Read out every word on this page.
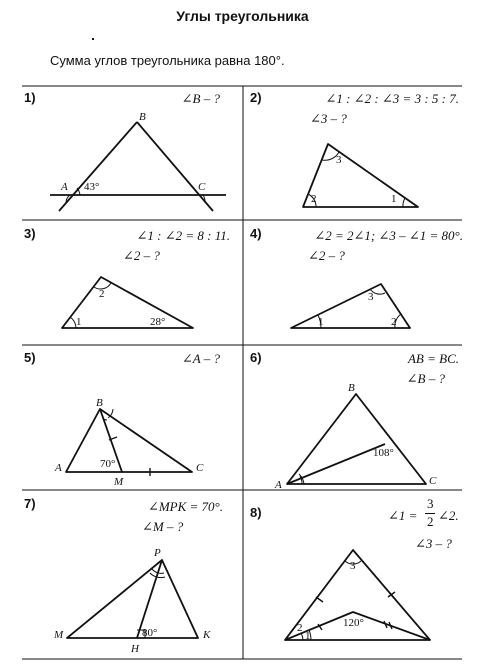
Углы треугольника
Сумма углов треугольника равна 180°.
1)	2)
3)	4)
5)	6)
7)
8)
∠B – ?	∠1 : ∠2 : ∠3 = 3 : 5 : 7.
∠3 – ?
∠1 : ∠2 = 8 : 11.
∠2 – ?
∠2 = 2∠1; ∠3 – ∠1 = 80°.
∠2 – ?
∠A – ?	AB = BC.
∠B – ?
∠MPK = 70°.
∠M – ?
∠1 =
3
2 ∠2.
∠3 – ?
B
A	C
43°
1
2
3
1
2
28°	1	2
3
A
B
C
M
70°
A
B
C
108°
P
M
H
K
80°	1
2
3
120°
